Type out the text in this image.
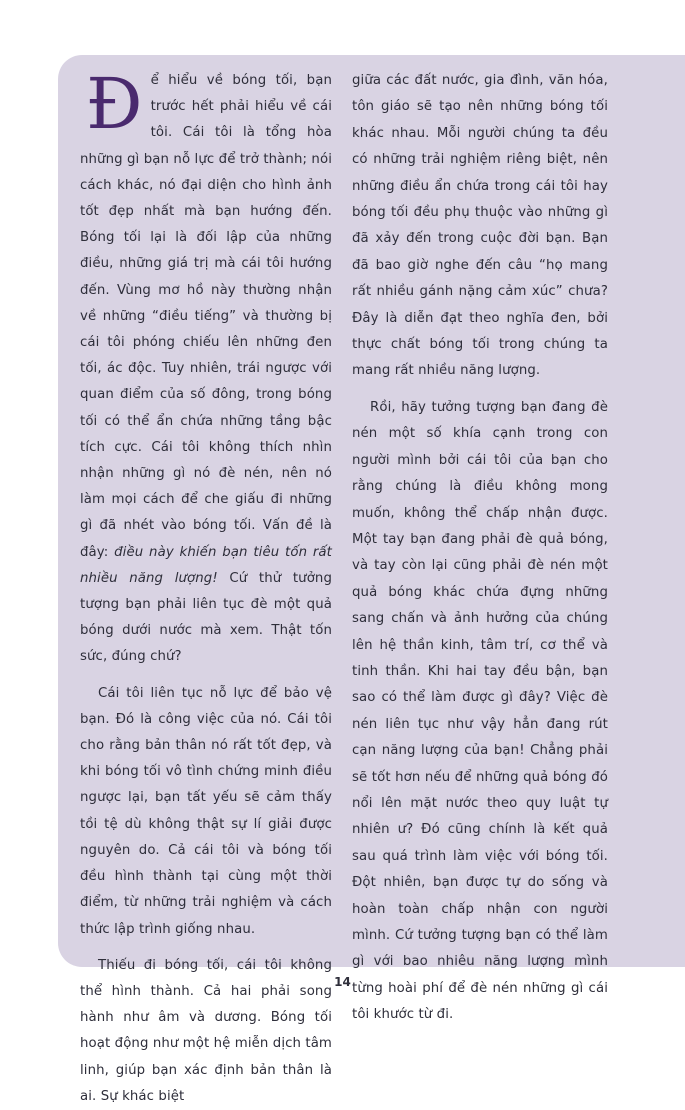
Để hiểu về bóng tối, bạn trước hết phải hiểu về cái tôi. Cái tôi là tổng hòa những gì bạn nỗ lực để trở thành; nói cách khác, nó đại diện cho hình ảnh tốt đẹp nhất mà bạn hướng đến. Bóng tối lại là đối lập của những điều, những giá trị mà cái tôi hướng đến. Vùng mơ hồ này thường nhận về những “điều tiếng” và thường bị cái tôi phóng chiếu lên những đen tối, ác độc. Tuy nhiên, trái ngược với quan điểm của số đông, trong bóng tối có thể ẩn chứa những tầng bậc tích cực. Cái tôi không thích nhìn nhận những gì nó đè nén, nên nó làm mọi cách để che giấu đi những gì đã nhét vào bóng tối. Vấn đề là đây: điều này khiến bạn tiêu tốn rất nhiều năng lượng! Cứ thử tưởng tượng bạn phải liên tục đè một quả bóng dưới nước mà xem. Thật tốn sức, đúng chứ?

Cái tôi liên tục nỗ lực để bảo vệ bạn. Đó là công việc của nó. Cái tôi cho rằng bản thân nó rất tốt đẹp, và khi bóng tối vô tình chứng minh điều ngược lại, bạn tất yếu sẽ cảm thấy tồi tệ dù không thật sự lí giải được nguyên do. Cả cái tôi và bóng tối đều hình thành tại cùng một thời điểm, từ những trải nghiệm và cách thức lập trình giống nhau.

Thiếu đi bóng tối, cái tôi không thể hình thành. Cả hai phải song hành như âm và dương. Bóng tối hoạt động như một hệ miễn dịch tâm linh, giúp bạn xác định bản thân là ai. Sự khác biệt

giữa các đất nước, gia đình, văn hóa, tôn giáo sẽ tạo nên những bóng tối khác nhau. Mỗi người chúng ta đều có những trải nghiệm riêng biệt, nên những điều ẩn chứa trong cái tôi hay bóng tối đều phụ thuộc vào những gì đã xảy đến trong cuộc đời bạn. Bạn đã bao giờ nghe đến câu “họ mang rất nhiều gánh nặng cảm xúc” chưa? Đây là diễn đạt theo nghĩa đen, bởi thực chất bóng tối trong chúng ta mang rất nhiều năng lượng.

Rồi, hãy tưởng tượng bạn đang đè nén một số khía cạnh trong con người mình bởi cái tôi của bạn cho rằng chúng là điều không mong muốn, không thể chấp nhận được. Một tay bạn đang phải đè quả bóng, và tay còn lại cũng phải đè nén một quả bóng khác chứa đựng những sang chấn và ảnh hưởng của chúng lên hệ thần kinh, tâm trí, cơ thể và tinh thần. Khi hai tay đều bận, bạn sao có thể làm được gì đây? Việc đè nén liên tục như vậy hẳn đang rút cạn năng lượng của bạn! Chẳng phải sẽ tốt hơn nếu để những quả bóng đó nổi lên mặt nước theo quy luật tự nhiên ư? Đó cũng chính là kết quả sau quá trình làm việc với bóng tối. Đột nhiên, bạn được tự do sống và hoàn toàn chấp nhận con người mình. Cứ tưởng tượng bạn có thể làm gì với bao nhiêu năng lượng mình từng hoài phí để đè nén những gì cái tôi khước từ đi.

14
